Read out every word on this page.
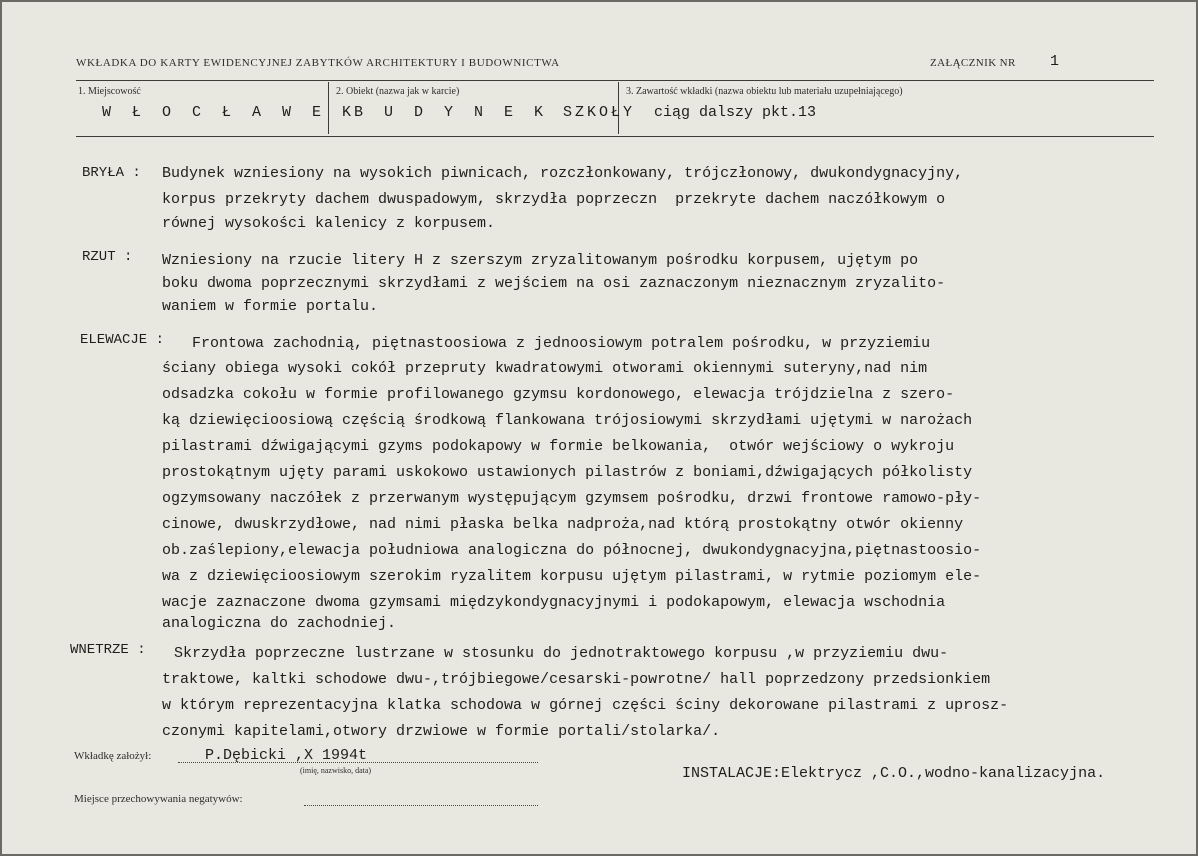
WKŁADKA DO KARTY EWIDENCYJNEJ ZABYTKÓW ARCHITEKTURY I BUDOWNICTWA	ZAŁĄCZNIK NR 1
1. Miejscowość
W Ł O C Ł A W E K
2. Obiekt (nazwa jak w karcie)
B U D Y N E K SZKOŁY
3. Zawartość wkładki (nazwa obiektu lub materiału uzupełniającego)
ciąg dalszy pkt.13
BRYŁA : Budynek wzniesiony na wysokich piwnicach, rozczłonkowany, trójczłonowy, dwukondygnacyjny,
korpus przekryty dachem dwuspadowym, skrzydła poprzeczn  przekryte dachem naczółkowym o
równej wysokości kalenicy z korpusem.
RZUT : Wzniesiony na rzucie litery H z szerszym zryzalitowanym pośrodku korpusem, ujętym po
boku dwoma poprzecznymi skrzydłami z wejściem na osi zaznaczonym nieznacznym zryzalito-
waniem w formie portalu.
ELEWACJE : Frontowa zachodnią, piętnastoosiowa z jednoosiowym potralem pośrodku, w przyziemiu
ściany obiega wysoki cokół przepruty kwadratowymi otworami okiennymi suteryny,nad nim
odsadzka cokołu w formie profilowanego gzymsu kordonowego, elewacja trójdzielna z szero-
ką dziewięcioosiową częścią środkową flankowana trójosiowymi skrzydłami ujętymi w narożach
pilastrami dźwigającymi gzyms podokapowy w formie belkowania,  otwór wejściowy o wykroju
prostokątnym ujęty parami uskokowo ustawionych pilastrów z boniami,dźwigających półkolisty
ogzymsowany naczółek z przerwanym występującym gzymsem pośrodku, drzwi frontowe ramowo-pły-
cinowe, dwuskrzydłowe, nad nimi płaska belka nadproża,nad którą prostokątny otwór okienny
ob.zaślepiony,elewacja południowa analogiczna do północnej, dwukondygnacyjna,piętnastoosio-
wa z dziewięcioosiowym szerokim ryzalitem korpusu ujętym pilastrami, w rytmie poziomym ele-
wacje zaznaczone dwoma gzymsami międzykondygnacyjnymi i podokapowym, elewacja wschodnia
analogiczna do zachodniej.
WNETRZE : Skrzydła poprzeczne lustrzane w stosunku do jednotraktowego korpusu ,w przyziemiu dwu-
traktowe, kaltki schodowe dwu-,trójbiegowe/cesarski-powrotne/ hall poprzedzony przedsionkiem
w którym reprezentacyjna klatka schodowa w górnej części ściny dekorowane pilastrami z uprosz-
czonymi kapitelami,otwory drzwiowe w formie portali/stolarka/.
Wkładkę założył:	P.Dębicki ,X 1994t
(imię, nazwisko, data)	INSTALACJE:Elektrycz ,C.O.,wodno-kanalizacyjna.
Miejsce przechowywania negatywów:
